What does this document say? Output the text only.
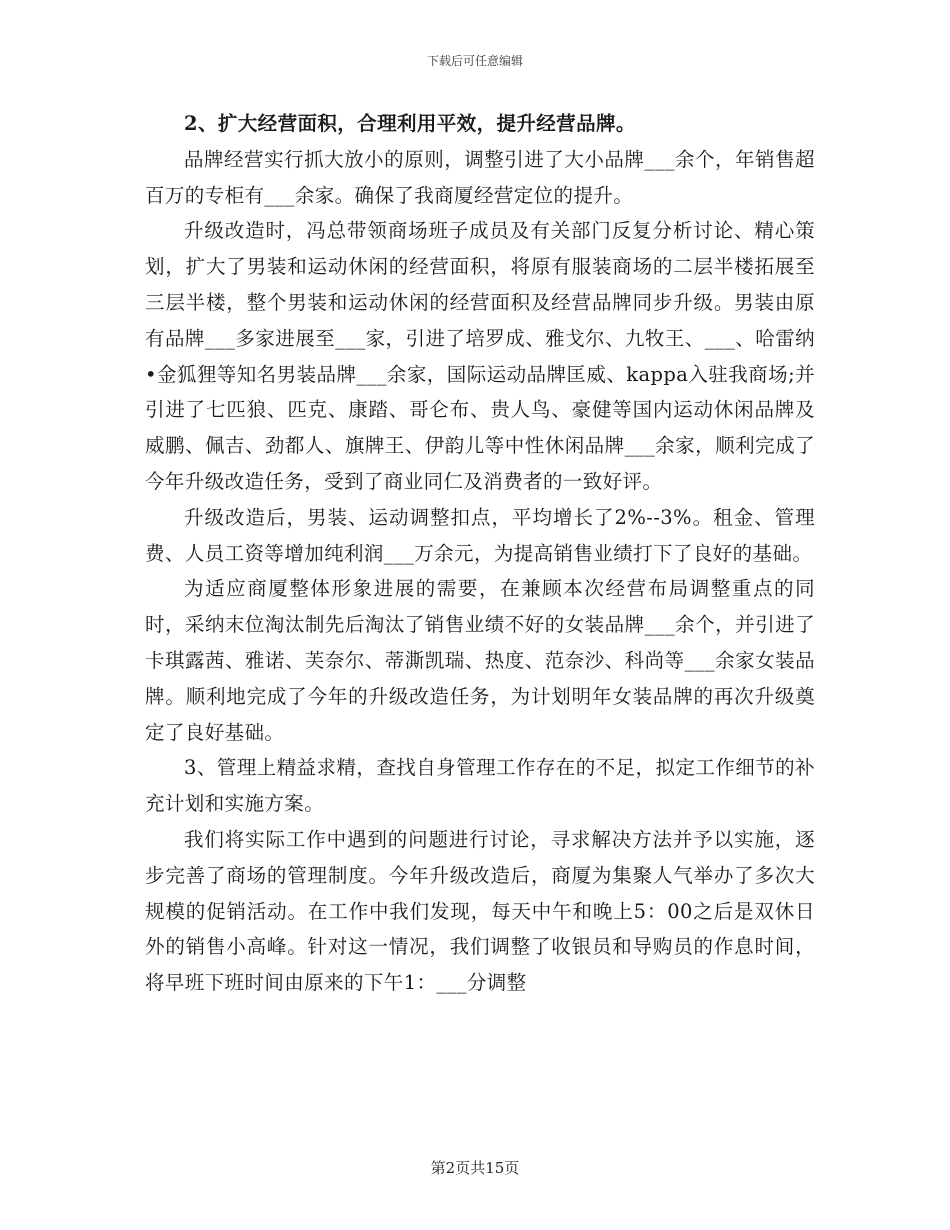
下载后可任意编辑

2、扩大经营面积，合理利用平效，提升经营品牌。

品牌经营实行抓大放小的原则，调整引进了大小品牌___余个，年销售超百万的专柜有___余家。确保了我商厦经营定位的提升。

升级改造时，冯总带领商场班子成员及有关部门反复分析讨论、精心策划，扩大了男装和运动休闲的经营面积，将原有服装商场的二层半楼拓展至三层半楼，整个男装和运动休闲的经营面积及经营品牌同步升级。男装由原有品牌___多家进展至___家，引进了培罗成、雅戈尔、九牧王、___、哈雷纳•金狐狸等知名男装品牌___余家，国际运动品牌匡威、kappa入驻我商场;并引进了七匹狼、匹克、康踏、哥仑布、贵人鸟、豪健等国内运动休闲品牌及威鹏、佩吉、劲都人、旗牌王、伊韵儿等中性休闲品牌___余家，顺利完成了今年升级改造任务，受到了商业同仁及消费者的一致好评。

升级改造后，男装、运动调整扣点，平均增长了2%--3%。租金、管理费、人员工资等增加纯利润___万余元，为提高销售业绩打下了良好的基础。

为适应商厦整体形象进展的需要，在兼顾本次经营布局调整重点的同时，采纳末位淘汰制先后淘汰了销售业绩不好的女装品牌___余个，并引进了卡琪露茜、雅诺、芙奈尔、蒂澌凯瑞、热度、范奈沙、科尚等___余家女装品牌。顺利地完成了今年的升级改造任务，为计划明年女装品牌的再次升级奠定了良好基础。

3、管理上精益求精，查找自身管理工作存在的不足，拟定工作细节的补充计划和实施方案。

我们将实际工作中遇到的问题进行讨论，寻求解决方法并予以实施，逐步完善了商场的管理制度。今年升级改造后，商厦为集聚人气举办了多次大规模的促销活动。在工作中我们发现，每天中午和晚上5：00之后是双休日外的销售小高峰。针对这一情况，我们调整了收银员和导购员的作息时间，将早班下班时间由原来的下午1：___分调整

第2页共15页
